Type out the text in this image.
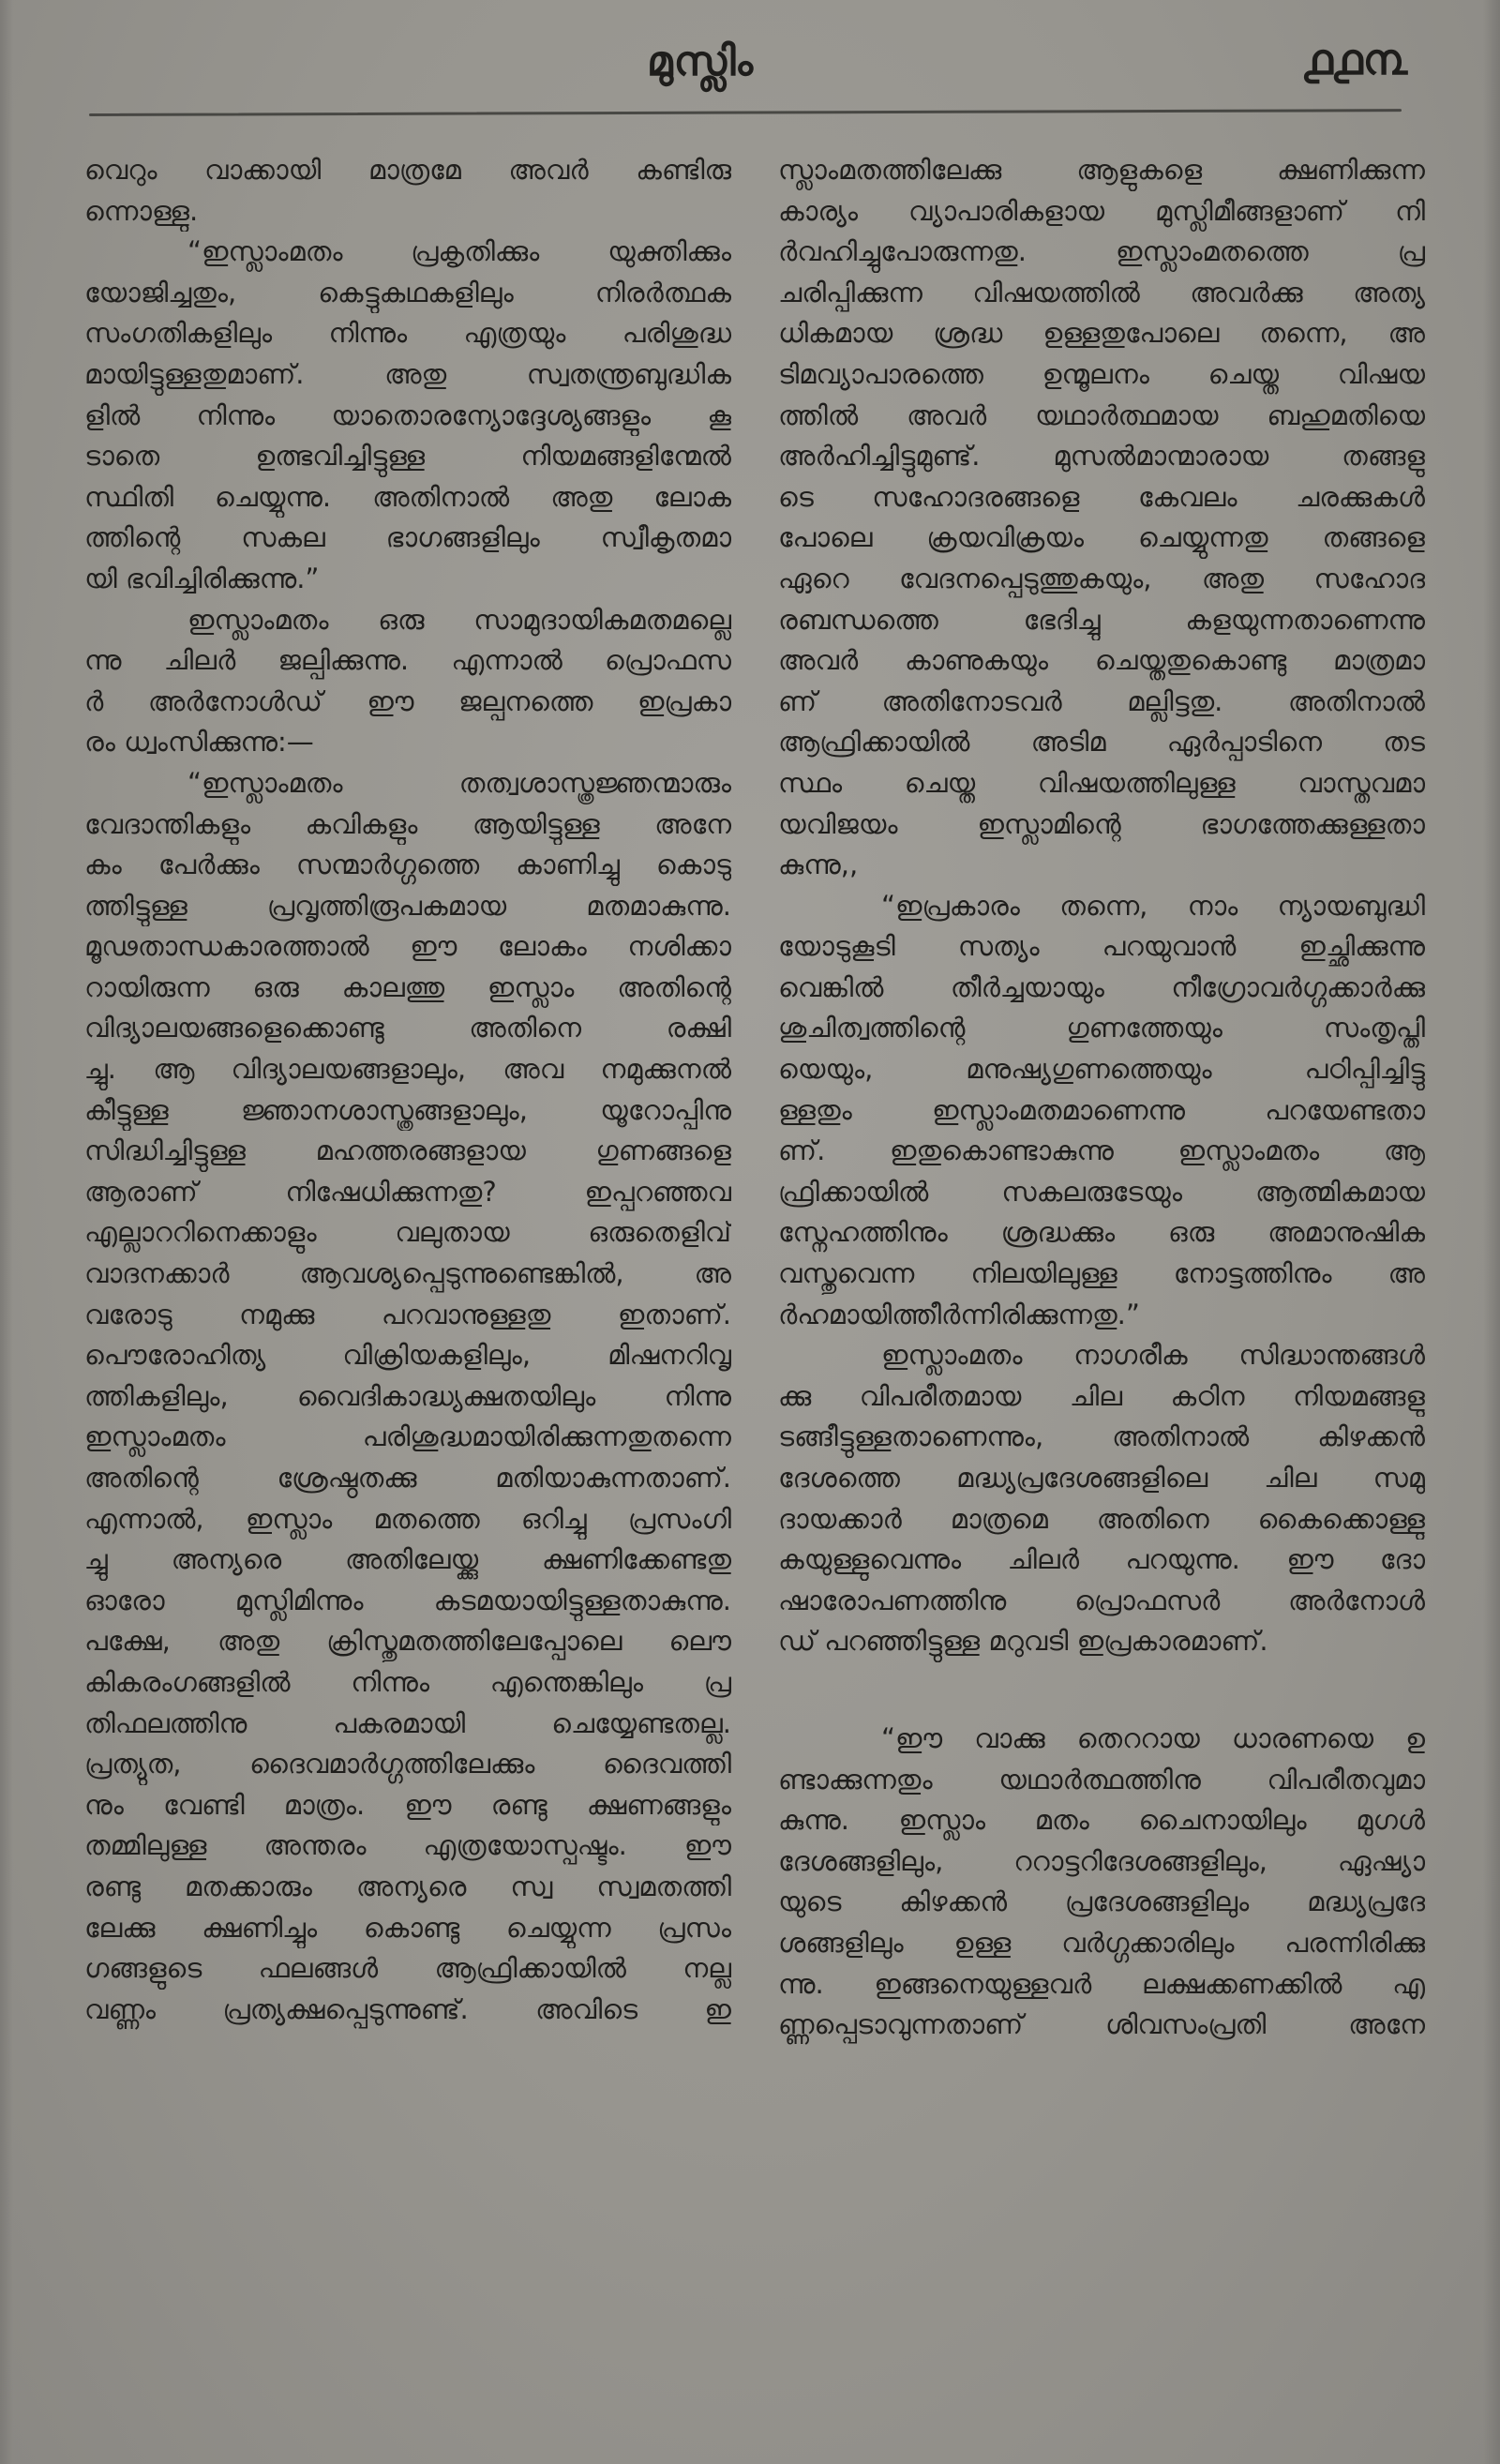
മുസ്ലിം	൧൧൩
വെറും വാക്കായി മാത്രമേ അവർ കണ്ടിരു
ന്നൊള്ളു.
“ഇസ്ലാംമതം പ്രകൃതിക്കും യുക്തിക്കും
യോജിച്ചതും, കെട്ടുകഥകളിലും നിരർത്ഥക
സംഗതികളിലും നിന്നും എത്രയും പരിശുദ്ധ
മായിട്ടുള്ളതുമാണ്. അതു സ്വതന്ത്രബുദ്ധിക
ളിൽ നിന്നും യാതൊരന്യോദ്ദേശ്യങ്ങളും കൂ
ടാതെ ഉത്ഭവിച്ചിട്ടുള്ള നിയമങ്ങളിന്മേൽ
സ്ഥിതി ചെയ്യുന്നു. അതിനാൽ അതു ലോക
ത്തിന്റെ സകല ഭാഗങ്ങളിലും സ്വീകൃതമാ
യി ഭവിച്ചിരിക്കുന്നു.”
ഇസ്ലാംമതം ഒരു സാമുദായികമതമല്ലെ
ന്നു ചിലർ ജല്പിക്കുന്നു. എന്നാൽ പ്രൊഫസ
ർ അർനോൾഡ് ഈ ജല്പനത്തെ ഇപ്രകാ
രം ധ്വംസിക്കുന്നു:—
“ഇസ്ലാംമതം തത്വശാസ്ത്രജ്ഞന്മാരും
വേദാന്തികളും കവികളും ആയിട്ടുള്ള അനേ
കം പേർക്കും സന്മാർഗ്ഗത്തെ കാണിച്ചു കൊടു
ത്തിട്ടുള്ള പ്രവൃത്തിരൂപകമായ മതമാകുന്നു.
മൂഢതാന്ധകാരത്താൽ ഈ ലോകം നശിക്കാ
റായിരുന്ന ഒരു കാലത്തു ഇസ്ലാം അതിന്റെ
വിദ്യാലയങ്ങളെക്കൊണ്ടു അതിനെ രക്ഷി
ച്ചു. ആ വിദ്യാലയങ്ങളാലും, അവ നമുക്കുനൽ
കീട്ടുള്ള ജ്ഞാനശാസ്ത്രങ്ങളാലും, യൂറോപ്പിനു
സിദ്ധിച്ചിട്ടുള്ള മഹത്തരങ്ങളായ ഗുണങ്ങളെ
ആരാണ് നിഷേധിക്കുന്നതു? ഇപ്പറഞ്ഞവ
എല്ലാററിനെക്കാളും വലുതായ ഒരുതെളിവ്
വാദനക്കാർ ആവശ്യപ്പെടുന്നുണ്ടെങ്കിൽ, അ
വരോടു നമുക്കു പറവാനുള്ളതു ഇതാണ്.
പൌരോഹിത്യ വിക്രിയകളിലും, മിഷനറിവൃ
ത്തികളിലും, വൈദികാദ്ധ്യക്ഷതയിലും നിന്നു
ഇസ്ലാംമതം പരിശുദ്ധമായിരിക്കുന്നതുതന്നെ
അതിന്റെ ശ്രേഷ്ഠതക്കു മതിയാകുന്നതാണ്.
എന്നാൽ, ഇസ്ലാം മതത്തെ ഒറിച്ചു പ്രസംഗി
ച്ചു അന്യരെ അതിലേയ്ക്കു ക്ഷണിക്കേണ്ടതു
ഓരോ മുസ്ലിമിന്നും കടമയായിട്ടുള്ളതാകുന്നു.
പക്ഷേ, അതു ക്രിസ്തുമതത്തിലേപ്പോലെ ലൌ
കികരംഗങ്ങളിൽ നിന്നും എന്തെങ്കിലും പ്ര
തിഫലത്തിനു പകരമായി ചെയ്യേണ്ടതല്ല.
പ്രത്യുത, ദൈവമാർഗ്ഗത്തിലേക്കും ദൈവത്തി
നും വേണ്ടി മാത്രം. ഈ രണ്ടു ക്ഷണങ്ങളും
തമ്മിലുള്ള അന്തരം എത്രയോസ്പഷ്ടം. ഈ
രണ്ടു മതക്കാരും അന്യരെ സ്വ സ്വമതത്തി
ലേക്കു ക്ഷണിച്ചും കൊണ്ടു ചെയ്യുന്ന പ്രസം
ഗങ്ങളുടെ ഫലങ്ങൾ ആഫ്രിക്കായിൽ നല്ല
വണ്ണം പ്രത്യക്ഷപ്പെടുന്നുണ്ട്. അവിടെ ഇ
സ്ലാംമതത്തിലേക്കു ആളുകളെ ക്ഷണിക്കുന്ന
കാര്യം വ്യാപാരികളായ മുസ്ലിമീങ്ങളാണ് നി
ർവഹിച്ചുപോരുന്നതു. ഇസ്ലാംമതത്തെ പ്ര
ചരിപ്പിക്കുന്ന വിഷയത്തിൽ അവർക്കു അത്യ
ധികമായ ശ്രദ്ധ ഉള്ളതുപോലെ തന്നെ, അ
ടിമവ്യാപാരത്തെ ഉന്മൂലനം ചെയ്ത വിഷയ
ത്തിൽ അവർ യഥാർത്ഥമായ ബഹുമതിയെ
അർഹിച്ചിട്ടുമുണ്ട്. മുസൽമാന്മാരായ തങ്ങളു
ടെ സഹോദരങ്ങളെ കേവലം ചരക്കുകൾ
പോലെ ക്രയവിക്രയം ചെയ്യുന്നതു തങ്ങളെ
ഏറെ വേദനപ്പെടുത്തുകയും, അതു സഹോദ
രബന്ധത്തെ ഭേദിച്ചു കളയുന്നതാണെന്നു
അവർ കാണുകയും ചെയ്തതുകൊണ്ടു മാത്രമാ
ണ് അതിനോടവർ മല്ലിട്ടതു. അതിനാൽ
ആഫ്രിക്കായിൽ അടിമ ഏർപ്പാടിനെ തട
സ്ഥം ചെയ്ത വിഷയത്തിലുള്ള വാസ്തവമാ
യവിജയം ഇസ്ലാമിന്റെ ഭാഗത്തേക്കുള്ളതാ
കുന്നു,,
“ഇപ്രകാരം തന്നെ, നാം ന്യായബുദ്ധി
യോടുകൂടി സത്യം പറയുവാൻ ഇച്ഛിക്കുന്നു
വെങ്കിൽ തീർച്ചയായും നീഗ്രോവർഗ്ഗക്കാർക്കു
ശുചിത്വത്തിന്റെ ഗുണത്തേയും സംതൃപ്തി
യെയും, മനുഷ്യഗുണത്തെയും പഠിപ്പിച്ചിട്ടു
ള്ളതും ഇസ്ലാംമതമാണെന്നു പറയേണ്ടതാ
ണ്. ഇതുകൊണ്ടാകുന്നു ഇസ്ലാംമതം ആ
ഫ്രിക്കായിൽ സകലരുടേയും ആത്മികമായ
സ്നേഹത്തിനും ശ്രദ്ധക്കും ഒരു അമാനുഷിക
വസ്തുവെന്ന നിലയിലുള്ള നോട്ടത്തിനും അ
ർഹമായിത്തീർന്നിരിക്കുന്നതു.”
ഇസ്ലാംമതം നാഗരീക സിദ്ധാന്തങ്ങൾ
ക്കു വിപരീതമായ ചില കഠിന നിയമങ്ങളു
ടങ്ങീട്ടുള്ളതാണെന്നും, അതിനാൽ കിഴക്കൻ
ദേശത്തെ മദ്ധ്യപ്രദേശങ്ങളിലെ ചില സമു
ദായക്കാർ മാത്രമെ അതിനെ കൈക്കൊള്ളു
കയുള്ളുവെന്നും ചിലർ പറയുന്നു. ഈ ദോ
ഷാരോപണത്തിനു പ്രൊഫസർ അർനോൾ
ഡ് പറഞ്ഞിട്ടുള്ള മറുവടി ഇപ്രകാരമാണ്.
“ഈ വാക്കു തെററായ ധാരണയെ ഉ
ണ്ടാക്കുന്നതും യഥാർത്ഥത്തിനു വിപരീതവുമാ
കുന്നു. ഇസ്ലാം മതം ചൈനായിലും മുഗൾ
ദേശങ്ങളിലും, ററാട്ടറിദേശങ്ങളിലും, ഏഷ്യാ
യുടെ കിഴക്കൻ പ്രദേശങ്ങളിലും മദ്ധ്യപ്രദേ
ശങ്ങളിലും ഉള്ള വർഗ്ഗക്കാരിലും പരന്നിരിക്കു
ന്നു. ഇങ്ങനെയുള്ളവർ ലക്ഷക്കണക്കിൽ എ
ണ്ണപ്പെടാവുന്നതാണ് ശിവസംപ്രതി അനേ
